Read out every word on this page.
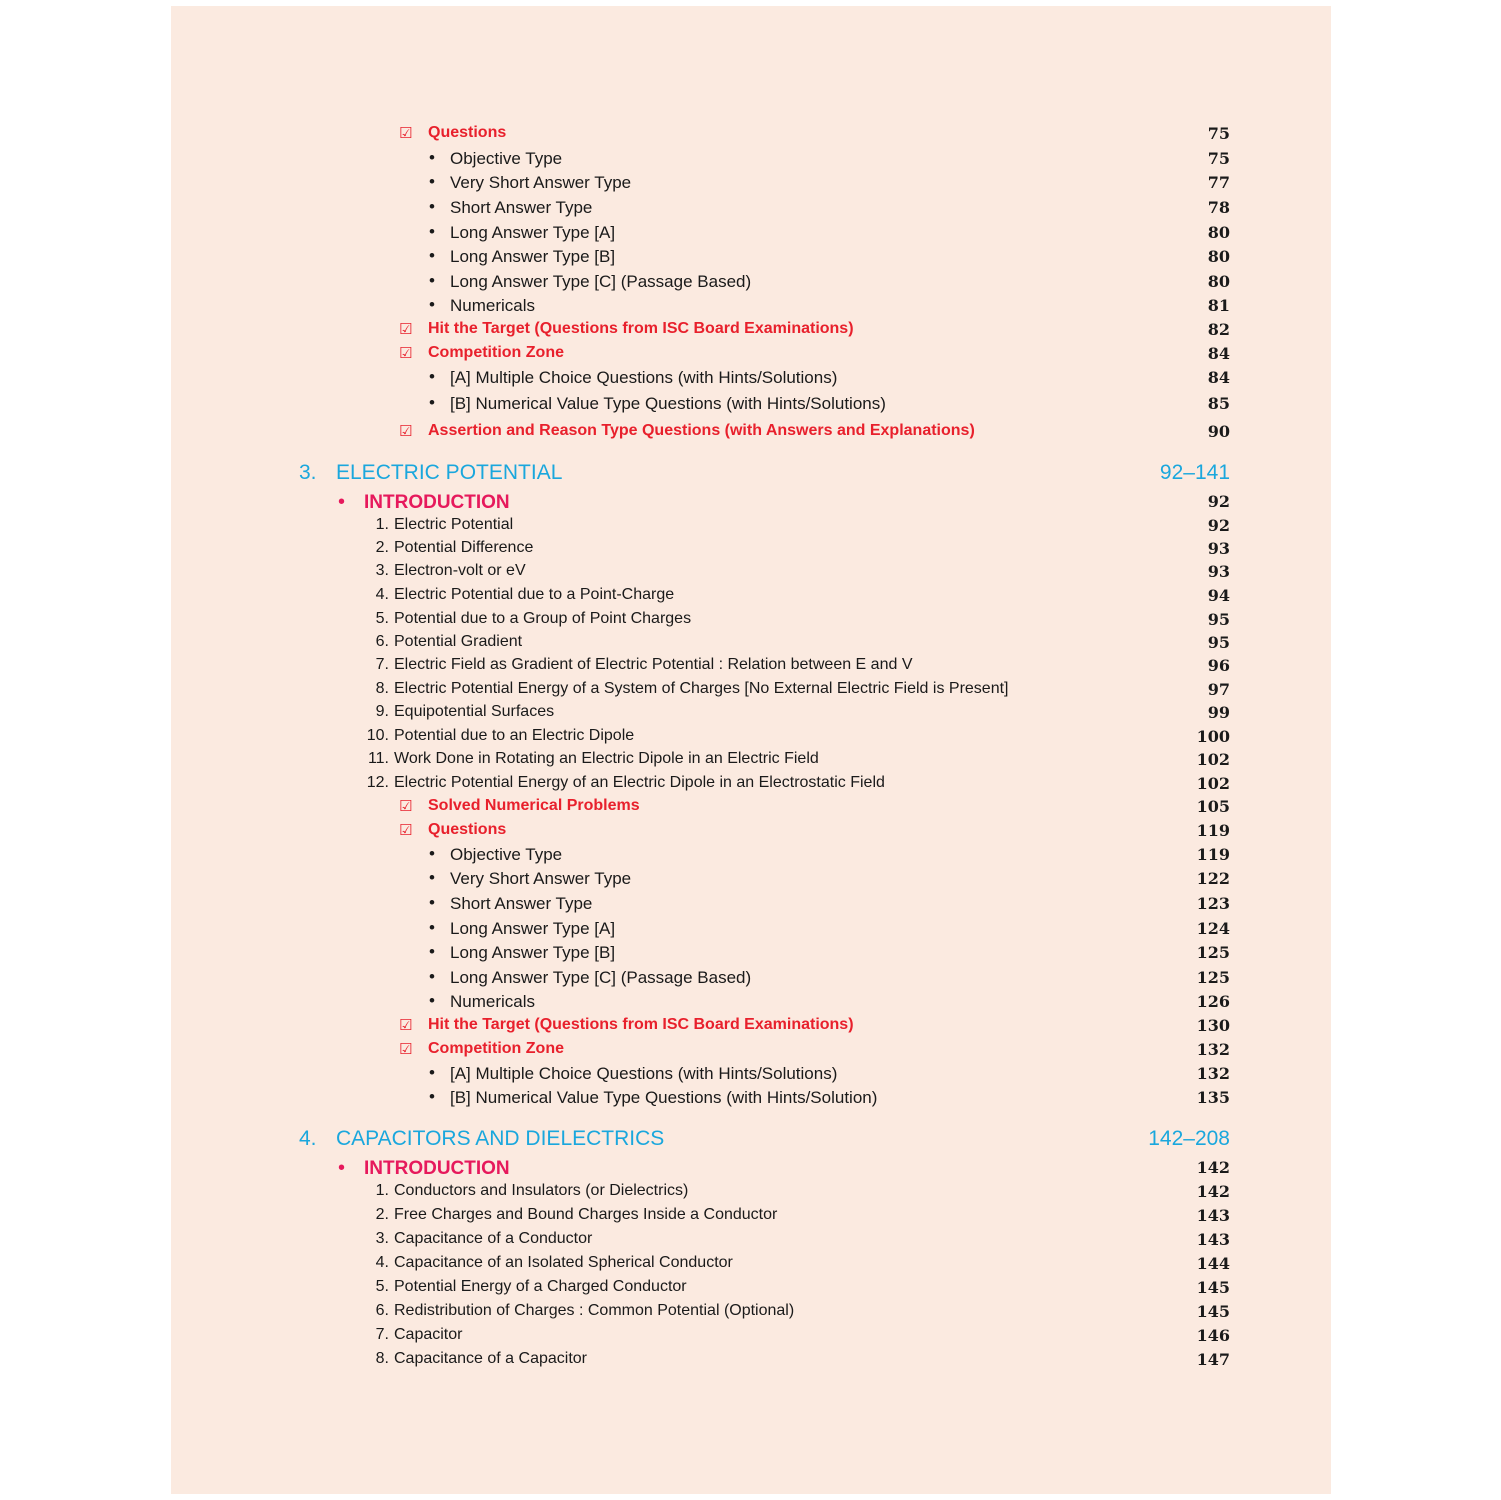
☑ Questions	75
• Objective Type	75
• Very Short Answer Type	77
• Short Answer Type	78
• Long Answer Type [A]	80
• Long Answer Type [B]	80
• Long Answer Type [C] (Passage Based)	80
• Numericals	81
☑ Hit the Target (Questions from ISC Board Examinations)	82
☑ Competition Zone	84
• [A] Multiple Choice Questions (with Hints/Solutions)	84
• [B] Numerical Value Type Questions (with Hints/Solutions)	85
☑ Assertion and Reason Type Questions (with Answers and Explanations)	90
3. ELECTRIC POTENTIAL	92–141
• INTRODUCTION	92
1. Electric Potential	92
2. Potential Difference	93
3. Electron-volt or eV	93
4. Electric Potential due to a Point-Charge	94
5. Potential due to a Group of Point Charges	95
6. Potential Gradient	95
7. Electric Field as Gradient of Electric Potential : Relation between E and V	96
8. Electric Potential Energy of a System of Charges [No External Electric Field is Present]	97
9. Equipotential Surfaces	99
10. Potential due to an Electric Dipole	100
11. Work Done in Rotating an Electric Dipole in an Electric Field	102
12. Electric Potential Energy of an Electric Dipole in an Electrostatic Field	102
☑ Solved Numerical Problems	105
☑ Questions	119
• Objective Type	119
• Very Short Answer Type	122
• Short Answer Type	123
• Long Answer Type [A]	124
• Long Answer Type [B]	125
• Long Answer Type [C] (Passage Based)	125
• Numericals	126
☑ Hit the Target (Questions from ISC Board Examinations)	130
☑ Competition Zone	132
• [A] Multiple Choice Questions (with Hints/Solutions)	132
• [B] Numerical Value Type Questions (with Hints/Solution)	135
4. CAPACITORS AND DIELECTRICS	142–208
• INTRODUCTION	142
1. Conductors and Insulators (or Dielectrics)	142
2. Free Charges and Bound Charges Inside a Conductor	143
3. Capacitance of a Conductor	143
4. Capacitance of an Isolated Spherical Conductor	144
5. Potential Energy of a Charged Conductor	145
6. Redistribution of Charges : Common Potential (Optional)	145
7. Capacitor	146
8. Capacitance of a Capacitor	147
